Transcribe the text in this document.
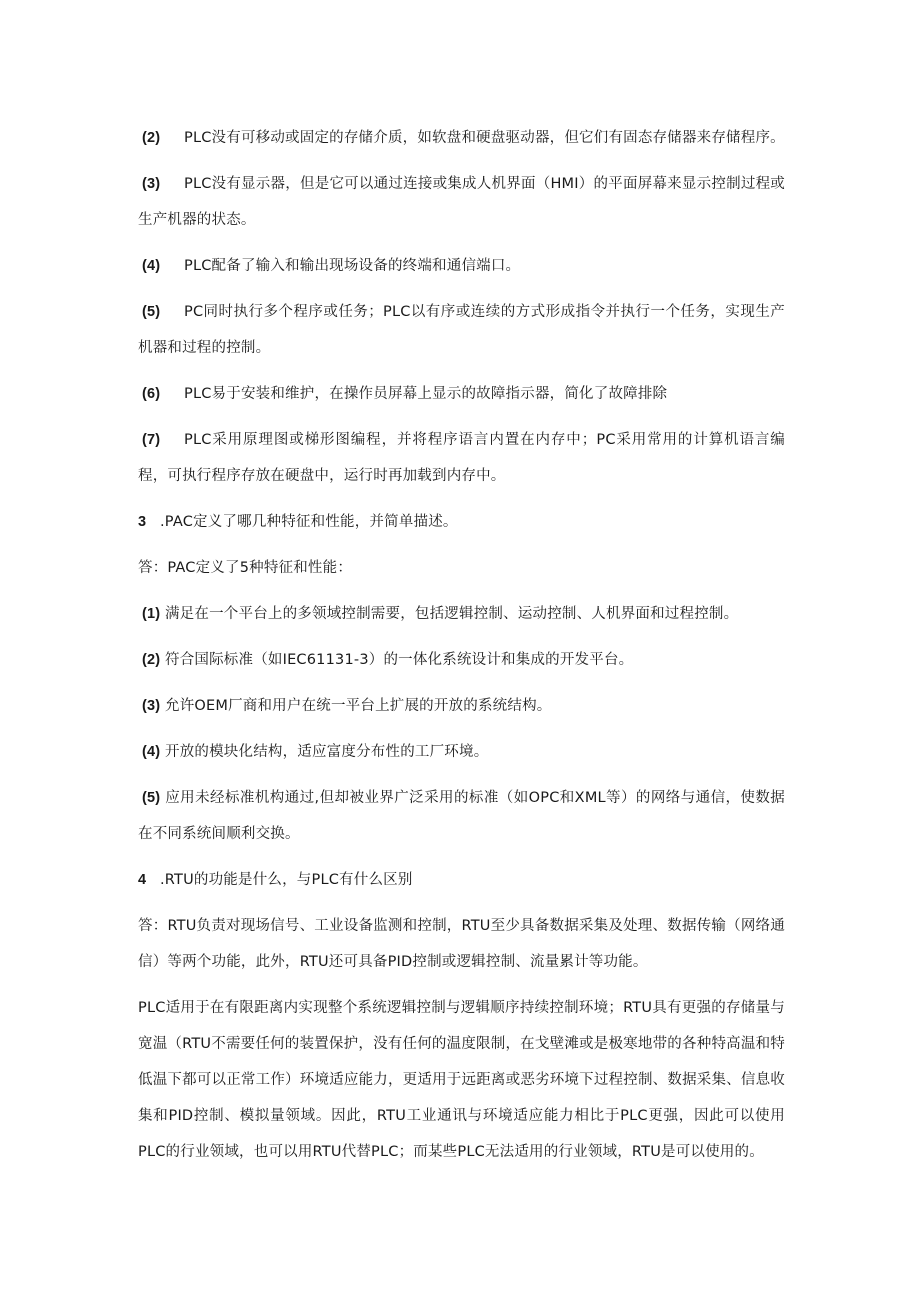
(2) PLC没有可移动或固定的存储介质，如软盘和硬盘驱动器，但它们有固态存储器来存储程序。

(3) PLC没有显示器，但是它可以通过连接或集成人机界面（HMI）的平面屏幕来显示控制过程或生产机器的状态。

(4) PLC配备了输入和输出现场设备的终端和通信端口。

(5) PC同时执行多个程序或任务；PLC以有序或连续的方式形成指令并执行一个任务，实现生产机器和过程的控制。

(6) PLC易于安装和维护，在操作员屏幕上显示的故障指示器，简化了故障排除

(7) PLC采用原理图或梯形图编程，并将程序语言内置在内存中；PC采用常用的计算机语言编程，可执行程序存放在硬盘中，运行时再加载到内存中。

3 .PAC定义了哪几种特征和性能，并简单描述。

答：PAC定义了5种特征和性能：

(1) 满足在一个平台上的多领域控制需要，包括逻辑控制、运动控制、人机界面和过程控制。

(2) 符合国际标准（如IEC61131-3）的一体化系统设计和集成的开发平台。

(3) 允许OEM厂商和用户在统一平台上扩展的开放的系统结构。

(4) 开放的模块化结构，适应富度分布性的工厂环境。

(5) 应用未经标准机构通过,但却被业界广泛采用的标准（如OPC和XML等）的网络与通信，使数据在不同系统间顺利交换。

4 .RTU的功能是什么，与PLC有什么区别

答：RTU负责对现场信号、工业设备监测和控制，RTU至少具备数据采集及处理、数据传输（网络通信）等两个功能，此外，RTU还可具备PID控制或逻辑控制、流量累计等功能。

PLC适用于在有限距离内实现整个系统逻辑控制与逻辑顺序持续控制环境；RTU具有更强的存储量与宽温（RTU不需要任何的装置保护，没有任何的温度限制，在戈壁滩或是极寒地带的各种特高温和特低温下都可以正常工作）环境适应能力，更适用于远距离或恶劣环境下过程控制、数据采集、信息收集和PID控制、模拟量领域。因此，RTU工业通讯与环境适应能力相比于PLC更强，因此可以使用PLC的行业领域，也可以用RTU代替PLC；而某些PLC无法适用的行业领域，RTU是可以使用的。
